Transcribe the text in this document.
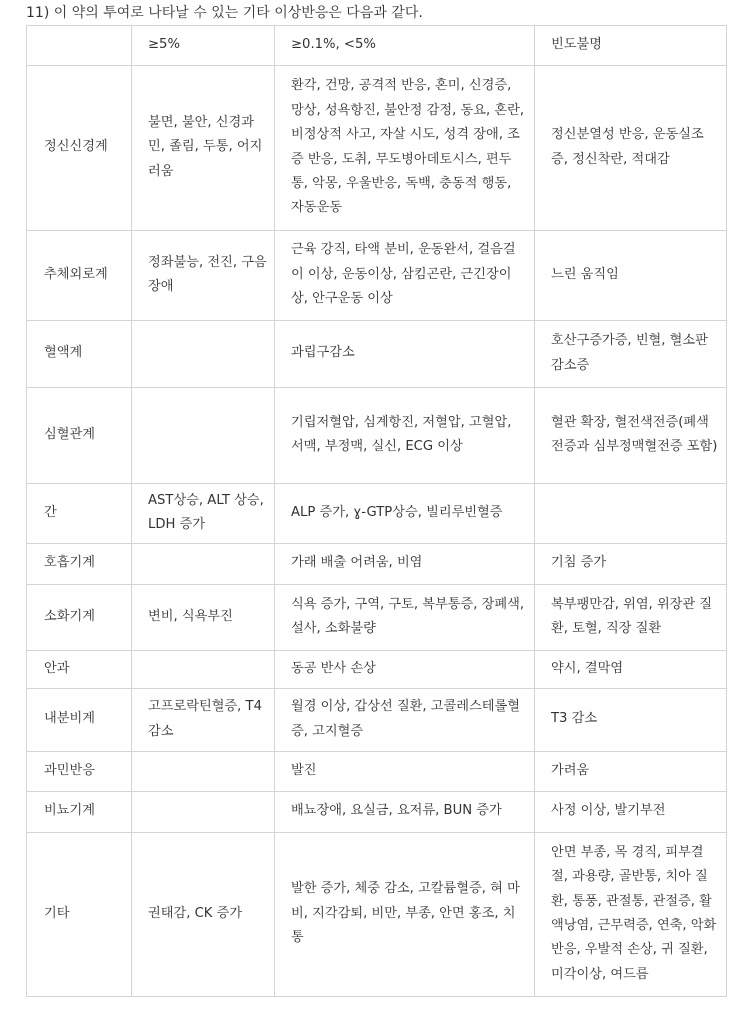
11) 이 약의 투여로 나타날 수 있는 기타 이상반응은 다음과 같다.
	≥5%	≥0.1%, <5%	빈도불명
정신신경계	불면, 불안, 신경과민, 졸림, 두통, 어지러움	환각, 건망, 공격적 반응, 혼미, 신경증, 망상, 성욕항진, 불안정 감정, 동요, 혼란, 비정상적 사고, 자살 시도, 성격 장애, 조증 반응, 도취, 무도병아데토시스, 편두통, 악몽, 우울반응, 독백, 충동적 행동, 자동운동	정신분열성 반응, 운동실조증, 정신착란, 적대감
추체외로계	정좌불능, 전진, 구음장애	근육 강직, 타액 분비, 운동완서, 걸음걸이 이상, 운동이상, 삼킴곤란, 근긴장이상, 안구운동 이상	느린 움직임
혈액계		과립구감소	호산구증가증, 빈혈, 혈소판감소증
심혈관계		기립저혈압, 심계항진, 저혈압, 고혈압, 서맥, 부정맥, 실신, ECG 이상	혈관 확장, 혈전색전증(폐색전증과 심부정맥혈전증 포함)
간	AST상승, ALT 상승, LDH 증가	ALP 증가, ɣ-GTP상승, 빌리루빈혈증	
호흡기계		가래 배출 어려움, 비염	기침 증가
소화기계	변비, 식욕부진	식욕 증가, 구역, 구토, 복부통증, 장폐색, 설사, 소화불량	복부팽만감, 위염, 위장관 질환, 토혈, 직장 질환
안과		동공 반사 손상	약시, 결막염
내분비계	고프로락틴혈증, T4 감소	월경 이상, 갑상선 질환, 고콜레스테롤혈증, 고지혈증	T3 감소
과민반응		발진	가려움
비뇨기계		배뇨장애, 요실금, 요저류, BUN 증가	사정 이상, 발기부전
기타	권태감, CK 증가	발한 증가, 체중 감소, 고칼륨혈증, 혀 마비, 지각감퇴, 비만, 부종, 안면 홍조, 치통	안면 부종, 목 경직, 피부결절, 과용량, 골반통, 치아 질환, 통풍, 관절통, 관절증, 활액낭염, 근무력증, 연축, 악화반응, 우발적 손상, 귀 질환, 미각이상, 여드름
